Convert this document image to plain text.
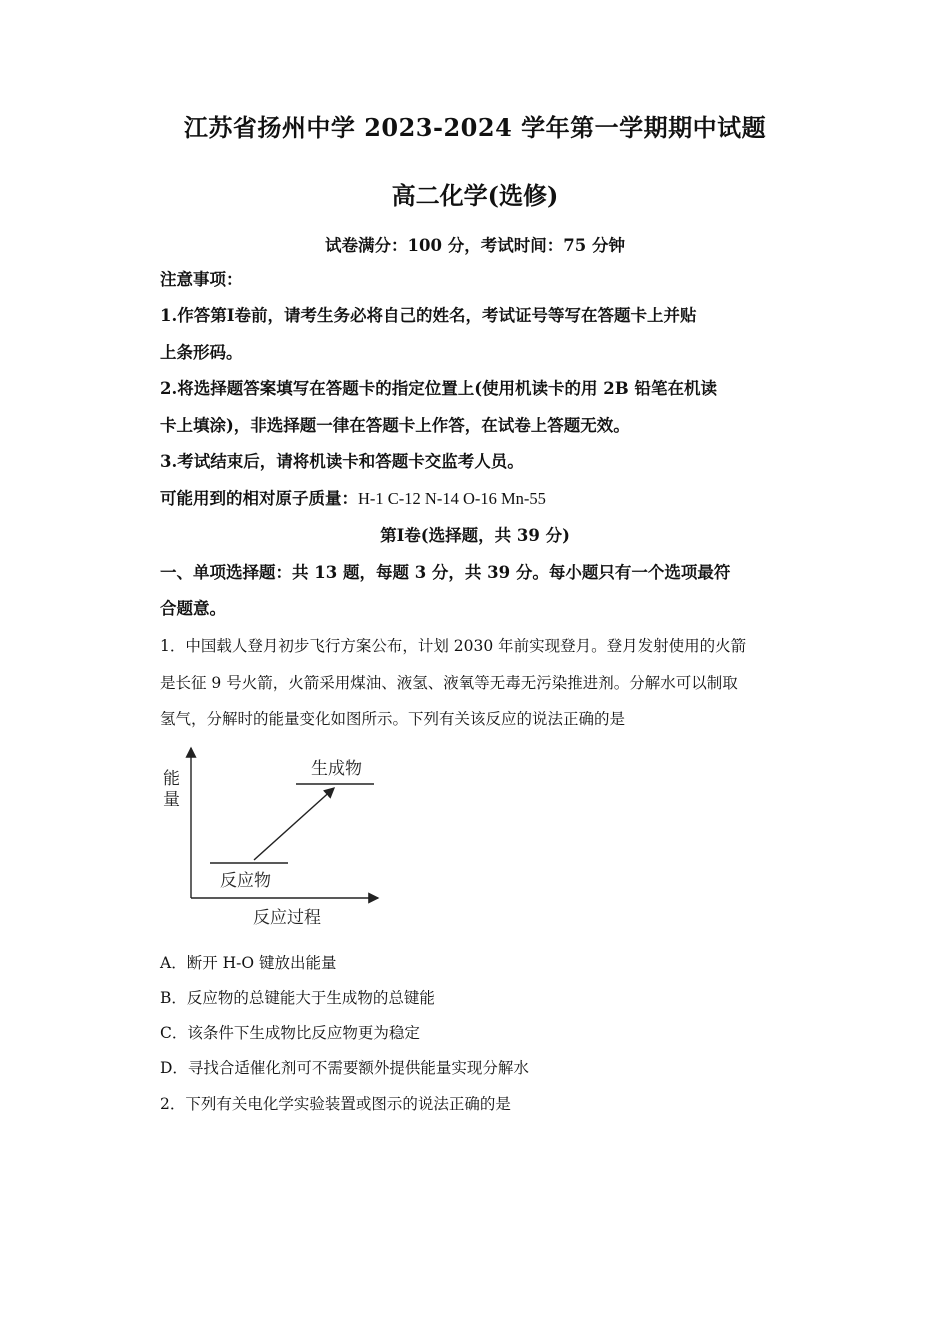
江苏省扬州中学 2023-2024 学年第一学期期中试题
高二化学(选修)
试卷满分：100 分，考试时间：75 分钟
注意事项：
1.作答第Ⅰ卷前，请考生务必将自己的姓名，考试证号等写在答题卡上并贴
上条形码。
2.将选择题答案填写在答题卡的指定位置上(使用机读卡的用 2B 铅笔在机读
卡上填涂)，非选择题一律在答题卡上作答，在试卷上答题无效。
3.考试结束后，请将机读卡和答题卡交监考人员。
可能用到的相对原子质量：H-1 C-12 N-14 O-16 Mn-55
第Ⅰ卷(选择题，共 39 分)
一、单项选择题：共 13 题，每题 3 分，共 39 分。每小题只有一个选项最符
合题意。
1．中国载人登月初步飞行方案公布，计划 2030 年前实现登月。登月发射使用的火箭
是长征 9 号火箭，火箭采用煤油、液氢、液氧等无毒无污染推进剂。分解水可以制取
氢气，分解时的能量变化如图所示。下列有关该反应的说法正确的是
能
量
生成物
反应物
反应过程
A．断开 H-O 键放出能量
B．反应物的总键能大于生成物的总键能
C．该条件下生成物比反应物更为稳定
D．寻找合适催化剂可不需要额外提供能量实现分解水
2．下列有关电化学实验装置或图示的说法正确的是
